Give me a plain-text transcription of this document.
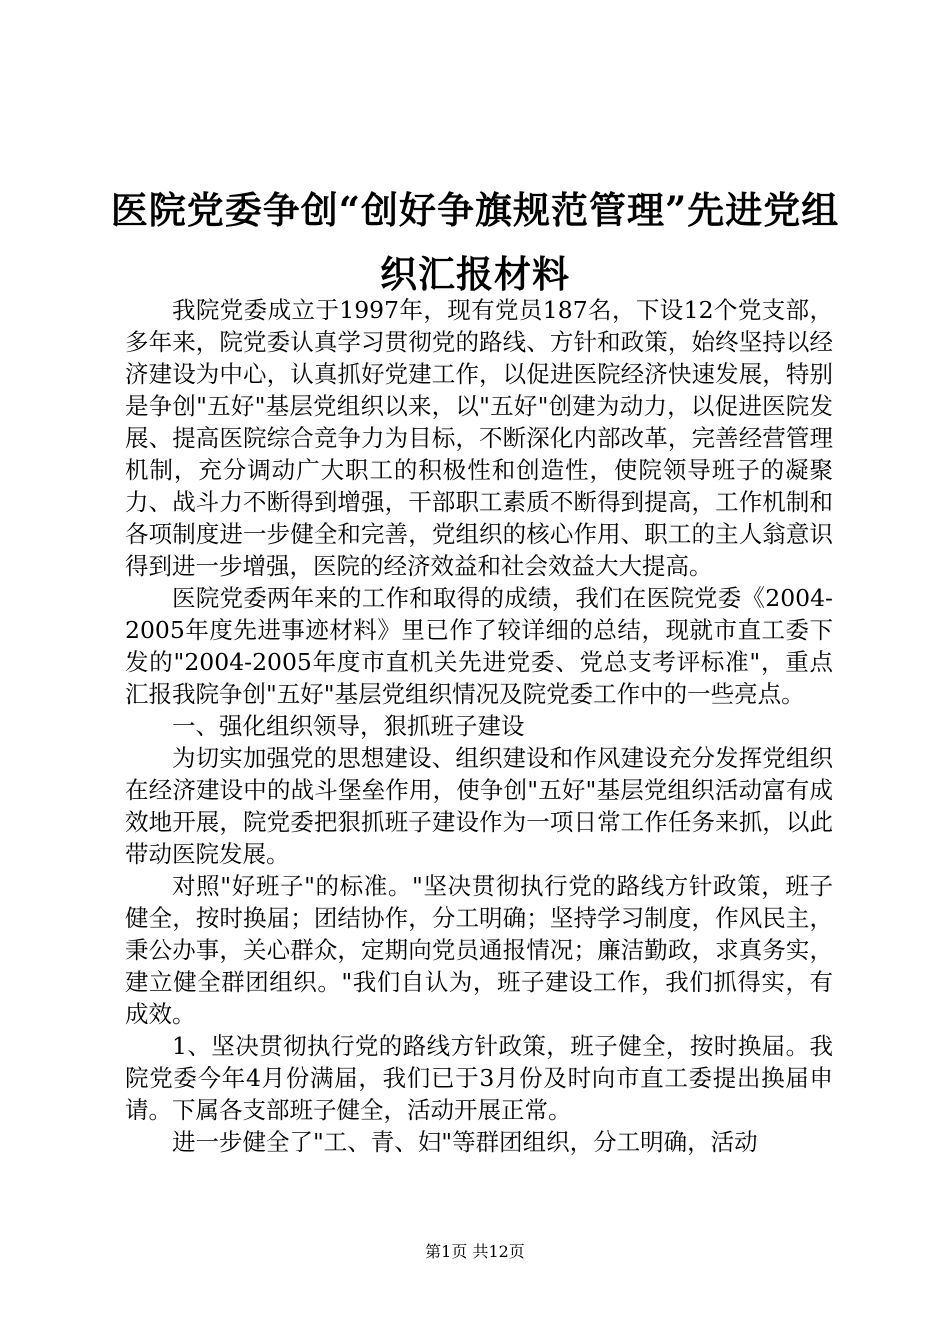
医院党委争创“创好争旗规范管理”先进党组织汇报材料

我院党委成立于1997年，现有党员187名，下设12个党支部，多年来，院党委认真学习贯彻党的路线、方针和政策，始终坚持以经济建设为中心，认真抓好党建工作，以促进医院经济快速发展，特别是争创"五好"基层党组织以来，以"五好"创建为动力，以促进医院发展、提高医院综合竞争力为目标，不断深化内部改革，完善经营管理机制，充分调动广大职工的积极性和创造性，使院领导班子的凝聚力、战斗力不断得到增强，干部职工素质不断得到提高，工作机制和各项制度进一步健全和完善，党组织的核心作用、职工的主人翁意识得到进一步增强，医院的经济效益和社会效益大大提高。

医院党委两年来的工作和取得的成绩，我们在医院党委《2004-2005年度先进事迹材料》里已作了较详细的总结，现就市直工委下发的"2004-2005年度市直机关先进党委、党总支考评标准"，重点汇报我院争创"五好"基层党组织情况及院党委工作中的一些亮点。

一、强化组织领导，狠抓班子建设

为切实加强党的思想建设、组织建设和作风建设充分发挥党组织在经济建设中的战斗堡垒作用，使争创"五好"基层党组织活动富有成效地开展，院党委把狠抓班子建设作为一项日常工作任务来抓，以此带动医院发展。

对照"好班子"的标准。"坚决贯彻执行党的路线方针政策，班子健全，按时换届；团结协作，分工明确；坚持学习制度，作风民主，秉公办事，关心群众，定期向党员通报情况；廉洁勤政，求真务实，建立健全群团组织。"我们自认为，班子建设工作，我们抓得实，有成效。

1、坚决贯彻执行党的路线方针政策，班子健全，按时换届。我院党委今年4月份满届，我们已于3月份及时向市直工委提出换届申请。下属各支部班子健全，活动开展正常。

进一步健全了"工、青、妇"等群团组织，分工明确，活动

第1页 共12页
